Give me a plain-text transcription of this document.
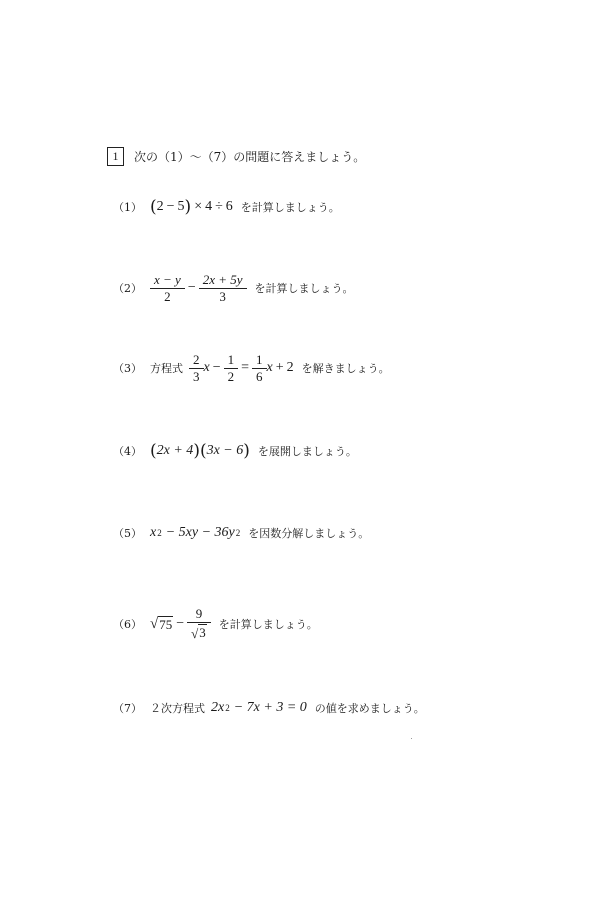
1	次の（1）～（7）の問題に答えましょう。
（1） ( 2 − 5 ) × 4 ÷ 6 を計算しましょう。
$(2) \frac{x - y}{2} - \frac{2x + 5y}{3}$ を計算しましょう。
（3） 方程式 $\frac{2}{3}$ $x - \frac{1}{2} = \frac{1}{6}$ x + 2 を解きましょう。
（4） ( 2x + 4 ) ( 3x − 6 ) を展開しましょう。
（5） x 2 − 5xy − 36 y 2 を因数分解しましょう。
（6） √ $75 - \frac{9}{√ 3}$ を計算しましょう。
（7） ２次方程式 2x 2 − 7x + 3 = 0 の値を求めましょう。
